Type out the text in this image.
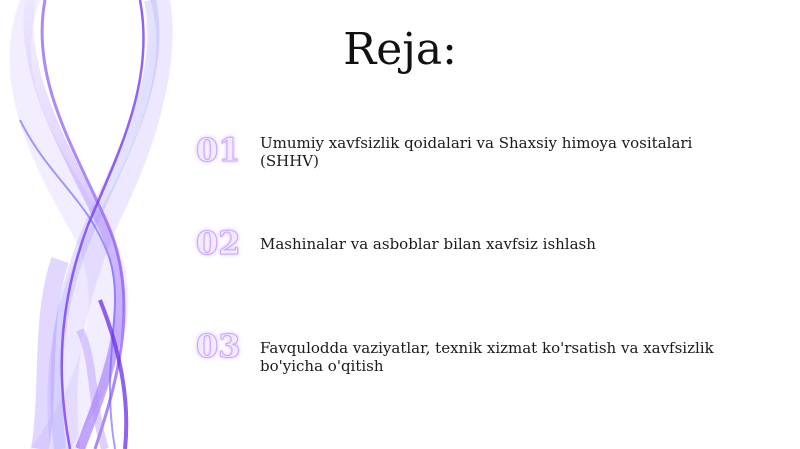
Reja:
01	Umumiy xavfsizlik qoidalari va Shaxsiy himoya vositalari (SHHV)
02	Mashinalar va asboblar bilan xavfsiz ishlash
03	Favqulodda vaziyatlar, texnik xizmat ko'rsatish va xavfsizlik bo'yicha o'qitish
